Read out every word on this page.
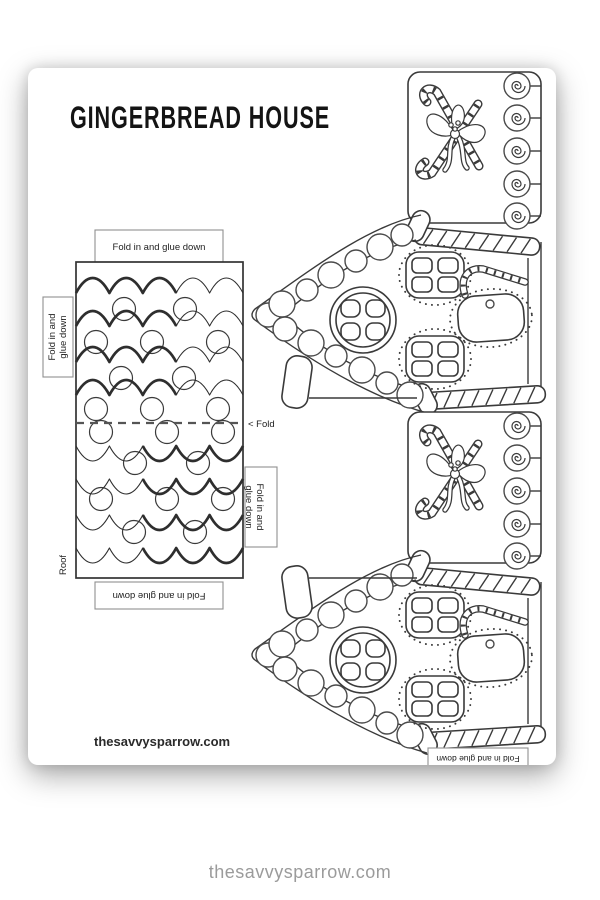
GINGERBREAD HOUSE
Fold in and glue down
Fold in andglue down
Fold in andglue down
Fold in and glue down
< Fold
Roof
Fold in and glue down
thesavvysparrow.com
thesavvysparrow.com
